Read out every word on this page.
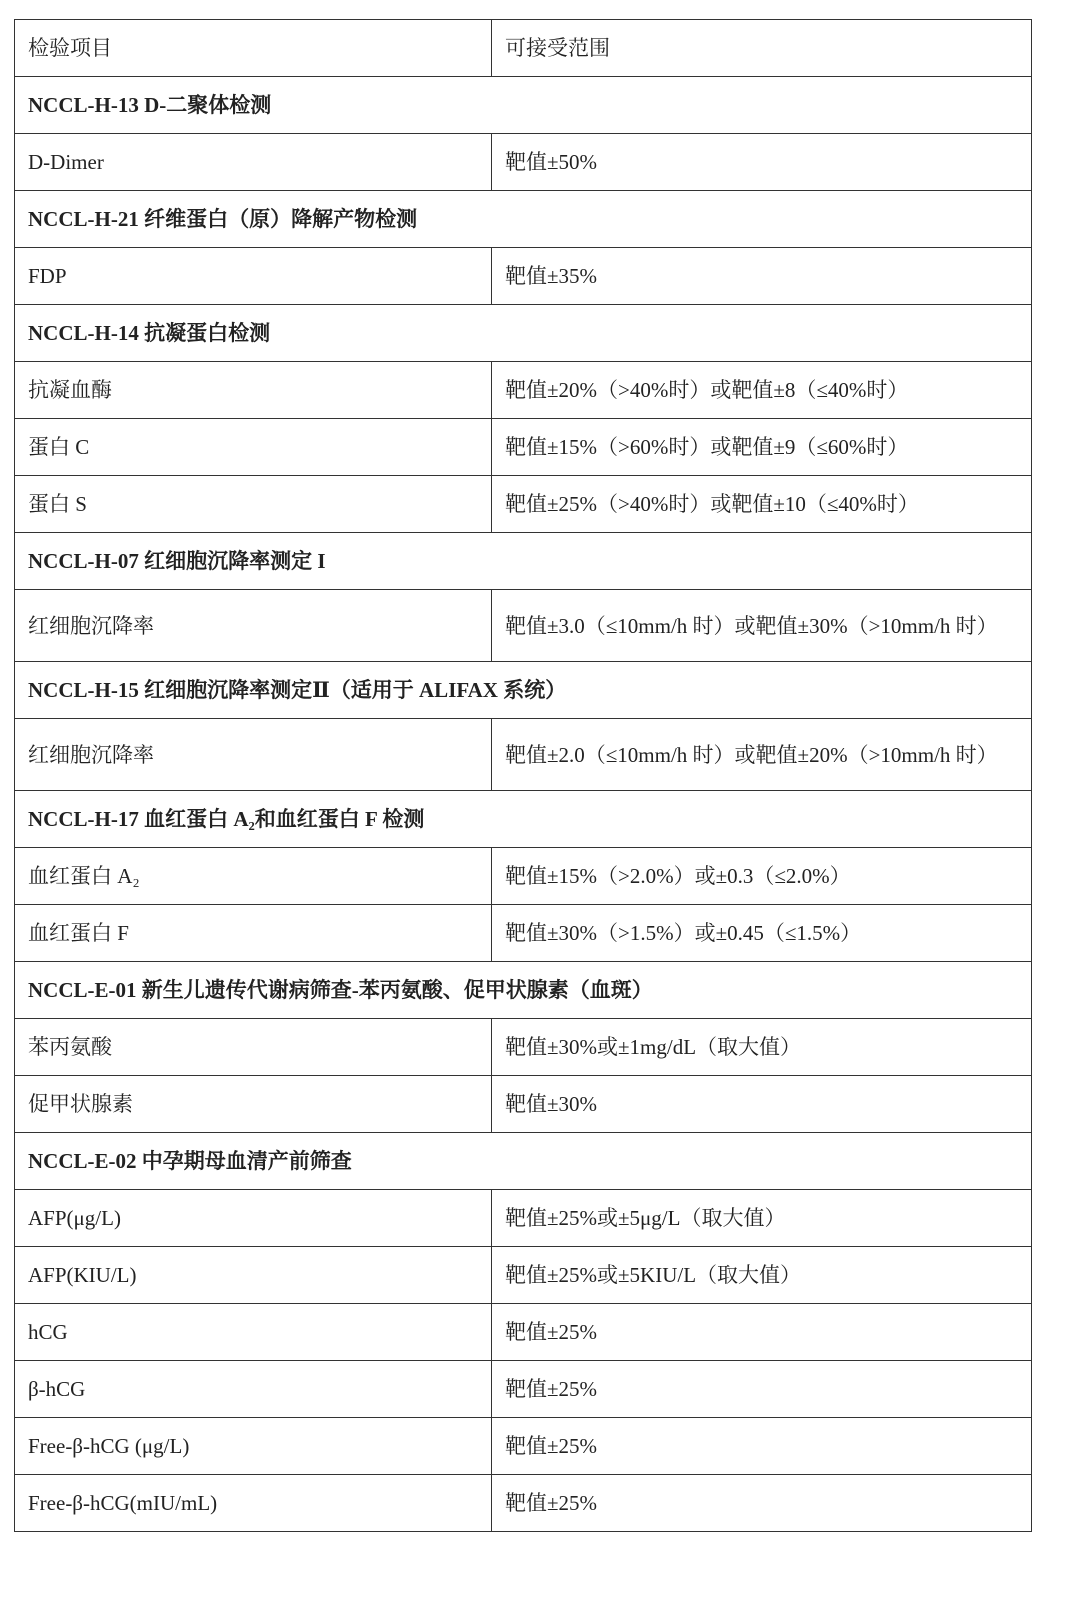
检验项目	可接受范围
NCCL-H-13 D-二聚体检测	
D-Dimer	靶值±50%
NCCL-H-21 纤维蛋白（原）降解产物检测	
FDP	靶值±35%
NCCL-H-14 抗凝蛋白检测	
抗凝血酶	靶值±20%（>40%时）或靶值±8（≤40%时）
蛋白 C	靶值±15%（>60%时）或靶值±9（≤60%时）
蛋白 S	靶值±25%（>40%时）或靶值±10（≤40%时）
NCCL-H-07 红细胞沉降率测定 I	
红细胞沉降率	靶值±3.0（≤10mm/h 时）或靶值±30%（>10mm/h 时）
NCCL-H-15 红细胞沉降率测定Ⅱ（适用于 ALIFAX 系统）	
红细胞沉降率	靶值±2.0（≤10mm/h 时）或靶值±20%（>10mm/h 时）
NCCL-H-17 血红蛋白 A₂和血红蛋白 F 检测	
血红蛋白 A₂	靶值±15%（>2.0%）或±0.3（≤2.0%）
血红蛋白 F	靶值±30%（>1.5%）或±0.45（≤1.5%）
NCCL-E-01 新生儿遗传代谢病筛查-苯丙氨酸、促甲状腺素（血斑）	
苯丙氨酸	靶值±30%或±1mg/dL（取大值）
促甲状腺素	靶值±30%
NCCL-E-02 中孕期母血清产前筛查	
AFP(μg/L)	靶值±25%或±5μg/L（取大值）
AFP(KIU/L)	靶值±25%或±5KIU/L（取大值）
hCG	靶值±25%
β-hCG	靶值±25%
Free-β-hCG (μg/L)	靶值±25%
Free-β-hCG(mIU/mL)	靶值±25%
